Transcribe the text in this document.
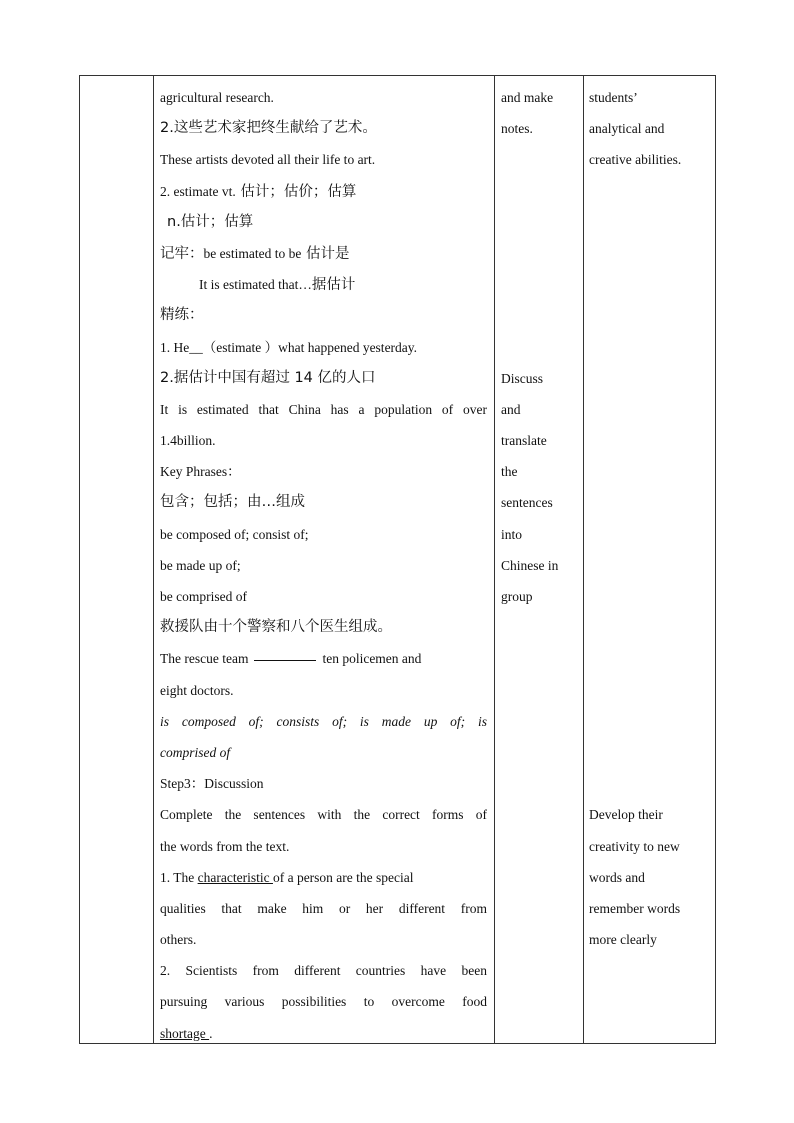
agricultural research.
2.这些艺术家把终生献给了艺术。
These artists devoted all their life to art.
2. estimate vt. 估计；估价；估算
n.估计；估算
记牢：be estimated to be 估计是
It is estimated that…据估计
精练：
1. He__（estimate ）what happened yesterday.
2.据估计中国有超过 14 亿的人口
It is estimated that China has a population of over
1.4billion.
Key Phrases：
包含；包括；由…组成
be composed of; consist of;
be made up of;
be comprised of
救援队由十个警察和八个医生组成。
The rescue team	ten policemen and
eight doctors.
is composed of; consists of; is made up of; is
comprised of
Step3：Discussion
Complete the sentences with the correct forms of
the words from the text.
1. The characteristic of a person are the special
qualities that make him or her different from
others.
2. Scientists from different countries have been
pursuing various possibilities to overcome food
shortage .
and make
notes.
Discuss
and
translate
the
sentences
into
Chinese in
group
students’
analytical and
creative abilities.
Develop their
creativity to new
words and
remember words
more clearly
